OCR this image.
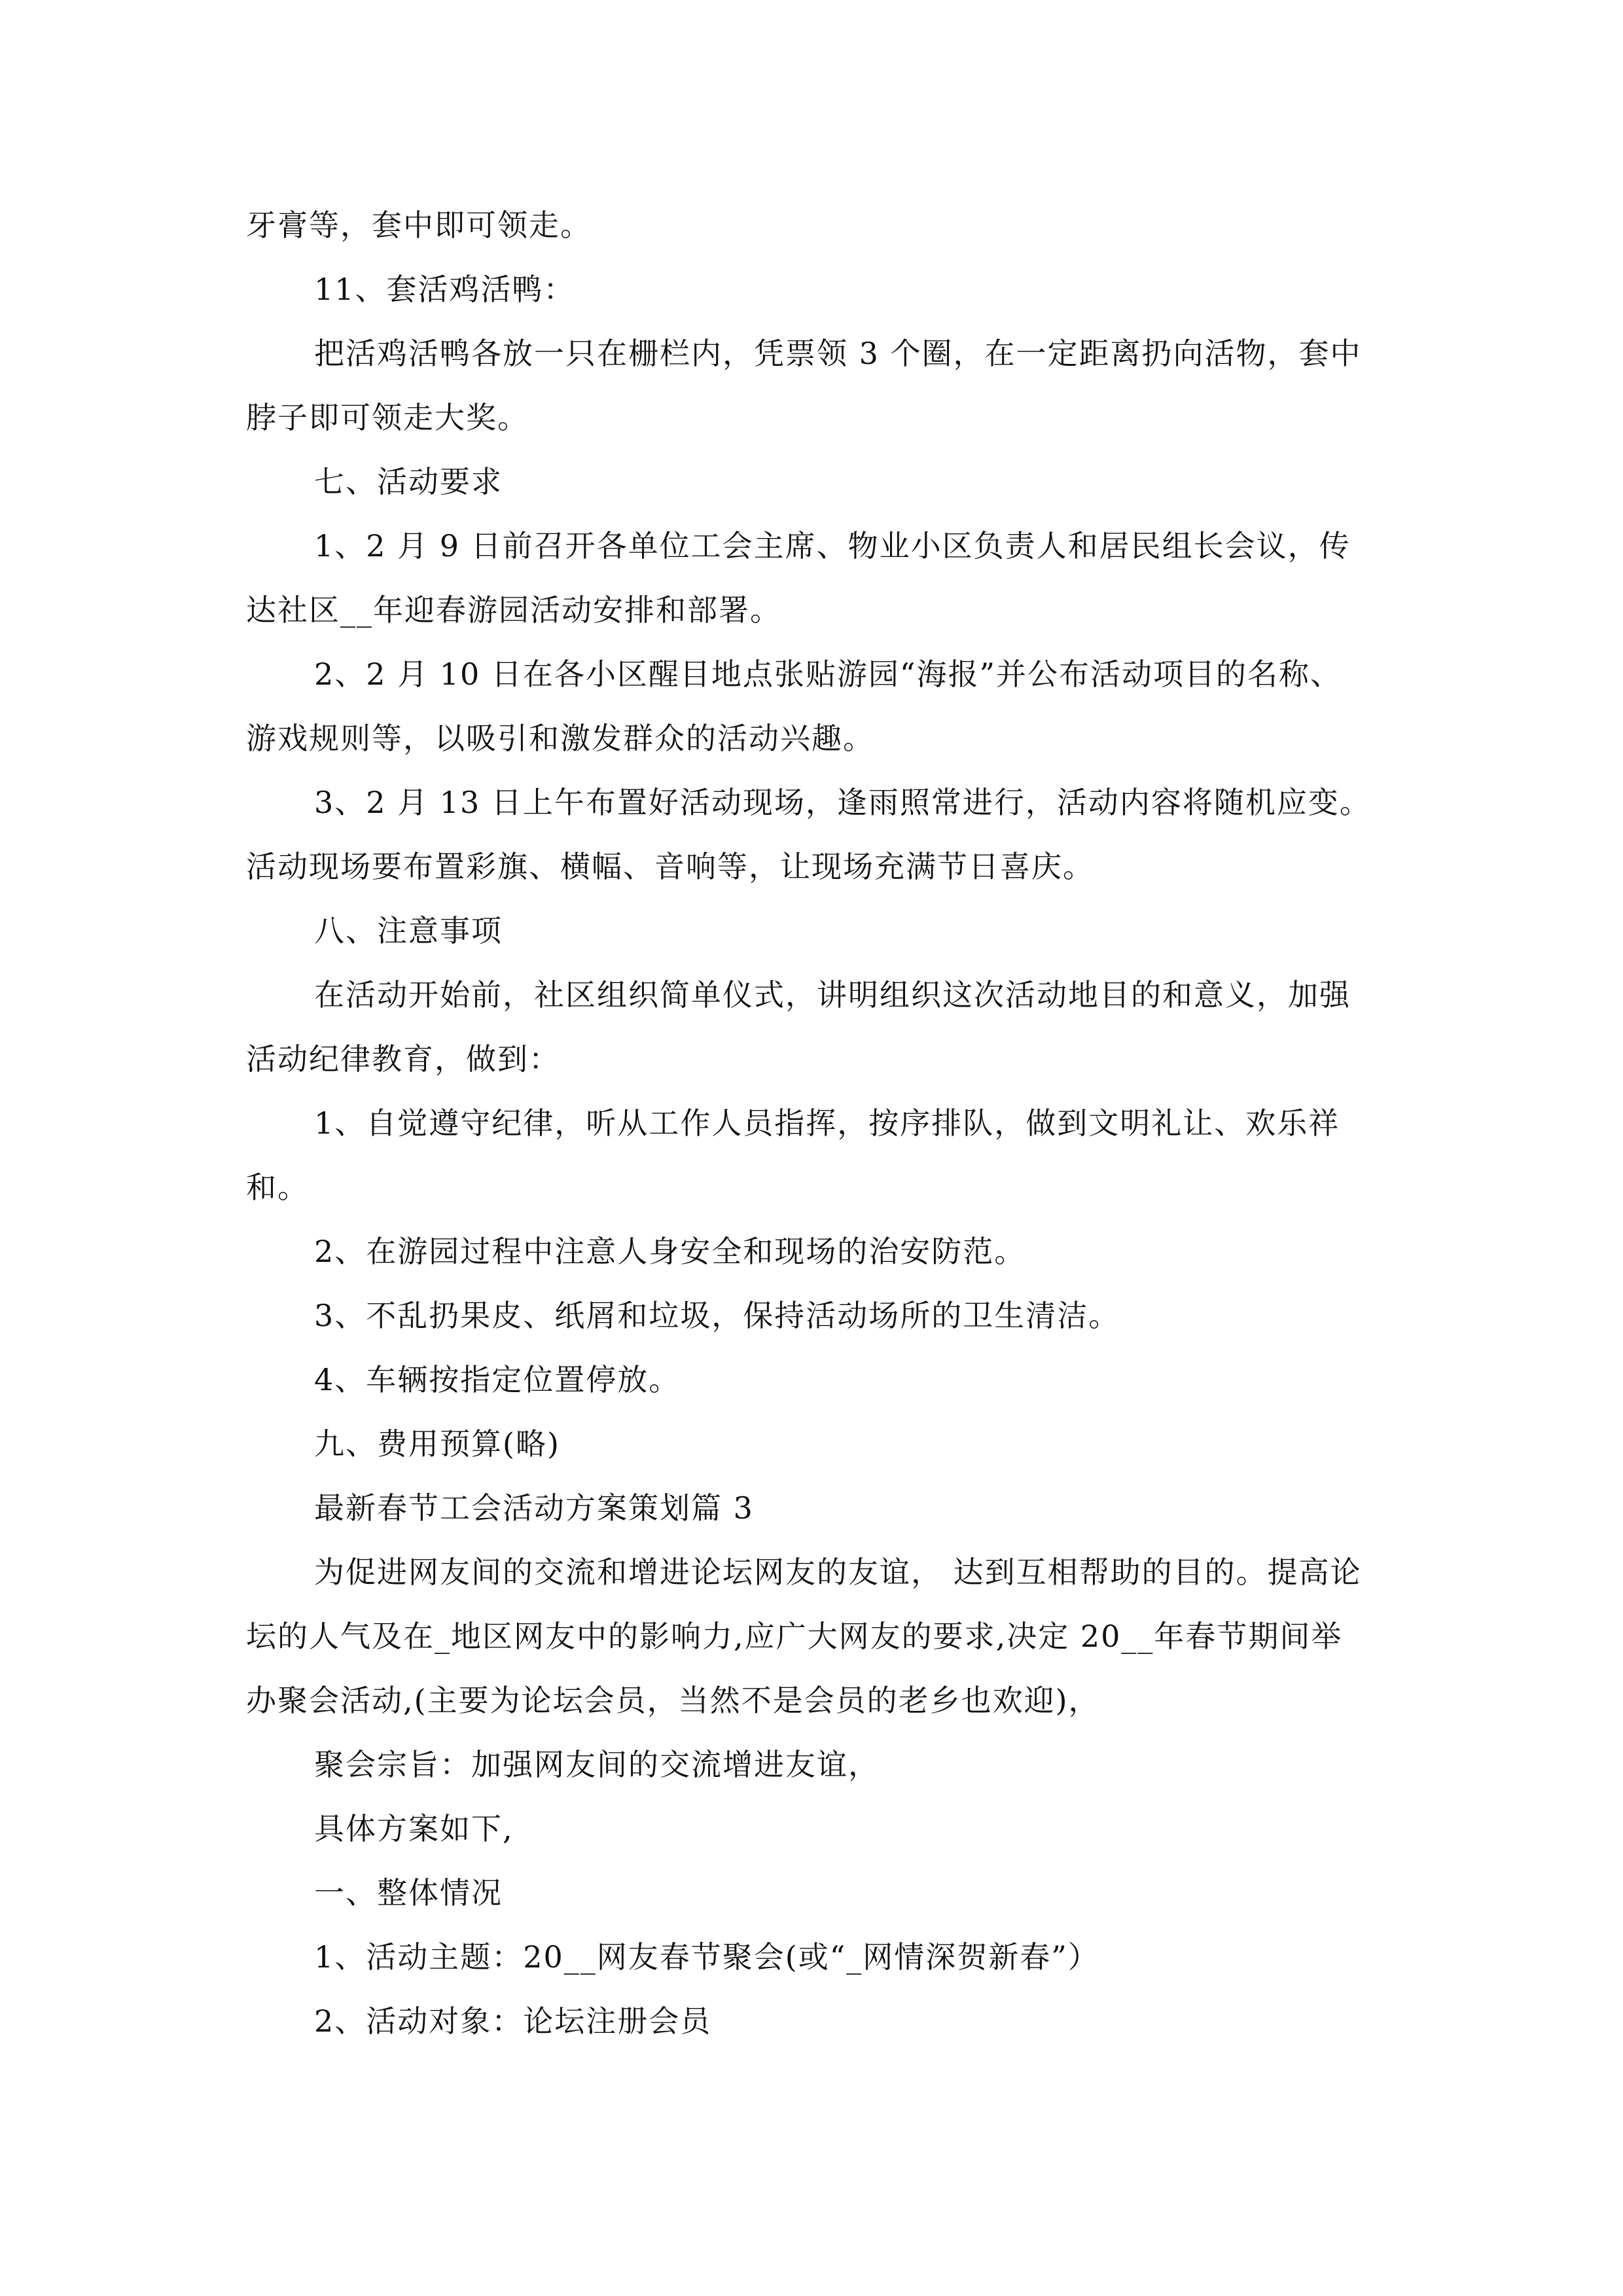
牙膏等，套中即可领走。

11、套活鸡活鸭：

把活鸡活鸭各放一只在栅栏内，凭票领 3 个圈，在一定距离扔向活物，套中

脖子即可领走大奖。

七、活动要求

1、2 月 9 日前召开各单位工会主席、物业小区负责人和居民组长会议，传

达社区__年迎春游园活动安排和部署。

2、2 月 10 日在各小区醒目地点张贴游园“海报”并公布活动项目的名称、

游戏规则等，以吸引和激发群众的活动兴趣。

3、2 月 13 日上午布置好活动现场，逢雨照常进行，活动内容将随机应变。

活动现场要布置彩旗、横幅、音响等，让现场充满节日喜庆。

八、注意事项

在活动开始前，社区组织简单仪式，讲明组织这次活动地目的和意义，加强

活动纪律教育，做到：

1、自觉遵守纪律，听从工作人员指挥，按序排队，做到文明礼让、欢乐祥

和。

2、在游园过程中注意人身安全和现场的治安防范。

3、不乱扔果皮、纸屑和垃圾，保持活动场所的卫生清洁。

4、车辆按指定位置停放。

九、费用预算(略)

最新春节工会活动方案策划篇 3

为促进网友间的交流和增进论坛网友的友谊， 达到互相帮助的目的。提高论

坛的人气及在_地区网友中的影响力,应广大网友的要求,决定 20__年春节期间举

办聚会活动,(主要为论坛会员，当然不是会员的老乡也欢迎)，

聚会宗旨：加强网友间的交流增进友谊，

具体方案如下,

一、整体情况

1、活动主题：20__网友春节聚会(或“_网情深贺新春”）

2、活动对象：论坛注册会员
